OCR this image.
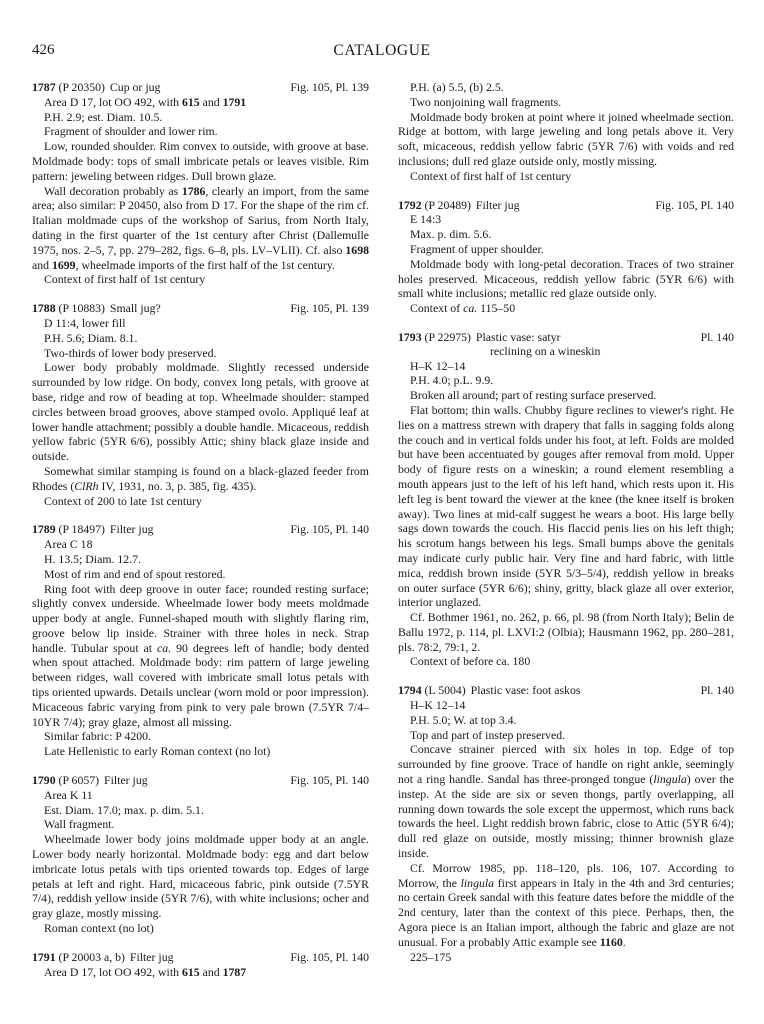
426	CATALOGUE
1787 (P 20350) Cup or jug	Fig. 105, Pl. 139
Area D 17, lot OO 492, with 615 and 1791
P.H. 2.9; est. Diam. 10.5.
Fragment of shoulder and lower rim.
Low, rounded shoulder. Rim convex to outside, with groove at base. Moldmade body: tops of small imbricate petals or leaves visible. Rim pattern: jeweling between ridges. Dull brown glaze.
Wall decoration probably as 1786, clearly an import, from the same area; also similar: P 20450, also from D 17. For the shape of the rim cf. Italian moldmade cups of the workshop of Sarius, from North Italy, dating in the first quarter of the 1st century after Christ (Dallemulle 1975, nos. 2–5, 7, pp. 279–282, figs. 6–8, pls. LV–VLII). Cf. also 1698 and 1699, wheelmade imports of the first half of the 1st century.
Context of first half of 1st century
1788 (P 10883) Small jug?	Fig. 105, Pl. 139
D 11:4, lower fill
P.H. 5.6; Diam. 8.1.
Two-thirds of lower body preserved.
Lower body probably moldmade. Slightly recessed underside surrounded by low ridge. On body, convex long petals, with groove at base, ridge and row of beading at top. Wheelmade shoulder: stamped circles between broad grooves, above stamped ovolo. Appliqué leaf at lower handle attachment; possibly a double handle. Micaceous, reddish yellow fabric (5YR 6/6), possibly Attic; shiny black glaze inside and outside.
Somewhat similar stamping is found on a black-glazed feeder from Rhodes (ClRh IV, 1931, no. 3, p. 385, fig. 435).
Context of 200 to late 1st century
1789 (P 18497) Filter jug	Fig. 105, Pl. 140
Area C 18
H. 13.5; Diam. 12.7.
Most of rim and end of spout restored.
Ring foot with deep groove in outer face; rounded resting surface; slightly convex underside. Wheelmade lower body meets moldmade upper body at angle. Funnel-shaped mouth with slightly flaring rim, groove below lip inside. Strainer with three holes in neck. Strap handle. Tubular spout at ca. 90 degrees left of handle; body dented when spout attached. Moldmade body: rim pattern of large jeweling between ridges, wall covered with imbricate small lotus petals with tips oriented upwards. Details unclear (worn mold or poor impression). Micaceous fabric varying from pink to very pale brown (7.5YR 7/4–10YR 7/4); gray glaze, almost all missing.
Similar fabric: P 4200.
Late Hellenistic to early Roman context (no lot)
1790 (P 6057) Filter jug	Fig. 105, Pl. 140
Area K 11
Est. Diam. 17.0; max. p. dim. 5.1.
Wall fragment.
Wheelmade lower body joins moldmade upper body at an angle. Lower body nearly horizontal. Moldmade body: egg and dart below imbricate lotus petals with tips oriented towards top. Edges of large petals at left and right. Hard, micaceous fabric, pink outside (7.5YR 7/4), reddish yellow inside (5YR 7/6), with white inclusions; ocher and gray glaze, mostly missing.
Roman context (no lot)
1791 (P 20003 a, b) Filter jug	Fig. 105, Pl. 140
Area D 17, lot OO 492, with 615 and 1787
P.H. (a) 5.5, (b) 2.5.
Two nonjoining wall fragments.
Moldmade body broken at point where it joined wheelmade section. Ridge at bottom, with large jeweling and long petals above it. Very soft, micaceous, reddish yellow fabric (5YR 7/6) with voids and red inclusions; dull red glaze outside only, mostly missing.
Context of first half of 1st century
1792 (P 20489) Filter jug	Fig. 105, Pl. 140
E 14:3
Max. p. dim. 5.6.
Fragment of upper shoulder.
Moldmade body with long-petal decoration. Traces of two strainer holes preserved. Micaceous, reddish yellow fabric (5YR 6/6) with small white inclusions; metallic red glaze outside only.
Context of ca. 115–50
1793 (P 22975) Plastic vase: satyr	Pl. 140
reclining on a wineskin
H–K 12–14
P.H. 4.0; p.L. 9.9.
Broken all around; part of resting surface preserved.
Flat bottom; thin walls. Chubby figure reclines to viewer's right. He lies on a mattress strewn with drapery that falls in sagging folds along the couch and in vertical folds under his foot, at left. Folds are molded but have been accentuated by gouges after removal from mold. Upper body of figure rests on a wineskin; a round element resembling a mouth appears just to the left of his left hand, which rests upon it. His left leg is bent toward the viewer at the knee (the knee itself is broken away). Two lines at mid-calf suggest he wears a boot. His large belly sags down towards the couch. His flaccid penis lies on his left thigh; his scrotum hangs between his legs. Small bumps above the genitals may indicate curly public hair. Very fine and hard fabric, with little mica, reddish brown inside (5YR 5/3–5/4), reddish yellow in breaks on outer surface (5YR 6/6); shiny, gritty, black glaze all over exterior, interior unglazed.
Cf. Bothmer 1961, no. 262, p. 66, pl. 98 (from North Italy); Belin de Ballu 1972, p. 114, pl. LXVI:2 (Olbia); Hausmann 1962, pp. 280–281, pls. 78:2, 79:1, 2.
Context of before ca. 180
1794 (L 5004) Plastic vase: foot askos	Pl. 140
H–K 12–14
P.H. 5.0; W. at top 3.4.
Top and part of instep preserved.
Concave strainer pierced with six holes in top. Edge of top surrounded by fine groove. Trace of handle on right ankle, seemingly not a ring handle. Sandal has three-pronged tongue (lingula) over the instep. At the side are six or seven thongs, partly overlapping, all running down towards the sole except the uppermost, which runs back towards the heel. Light reddish brown fabric, close to Attic (5YR 6/4); dull red glaze on outside, mostly missing; thinner brownish glaze inside.
Cf. Morrow 1985, pp. 118–120, pls. 106, 107. According to Morrow, the lingula first appears in Italy in the 4th and 3rd centuries; no certain Greek sandal with this feature dates before the middle of the 2nd century, later than the context of this piece. Perhaps, then, the Agora piece is an Italian import, although the fabric and glaze are not unusual. For a probably Attic example see 1160.
225–175
